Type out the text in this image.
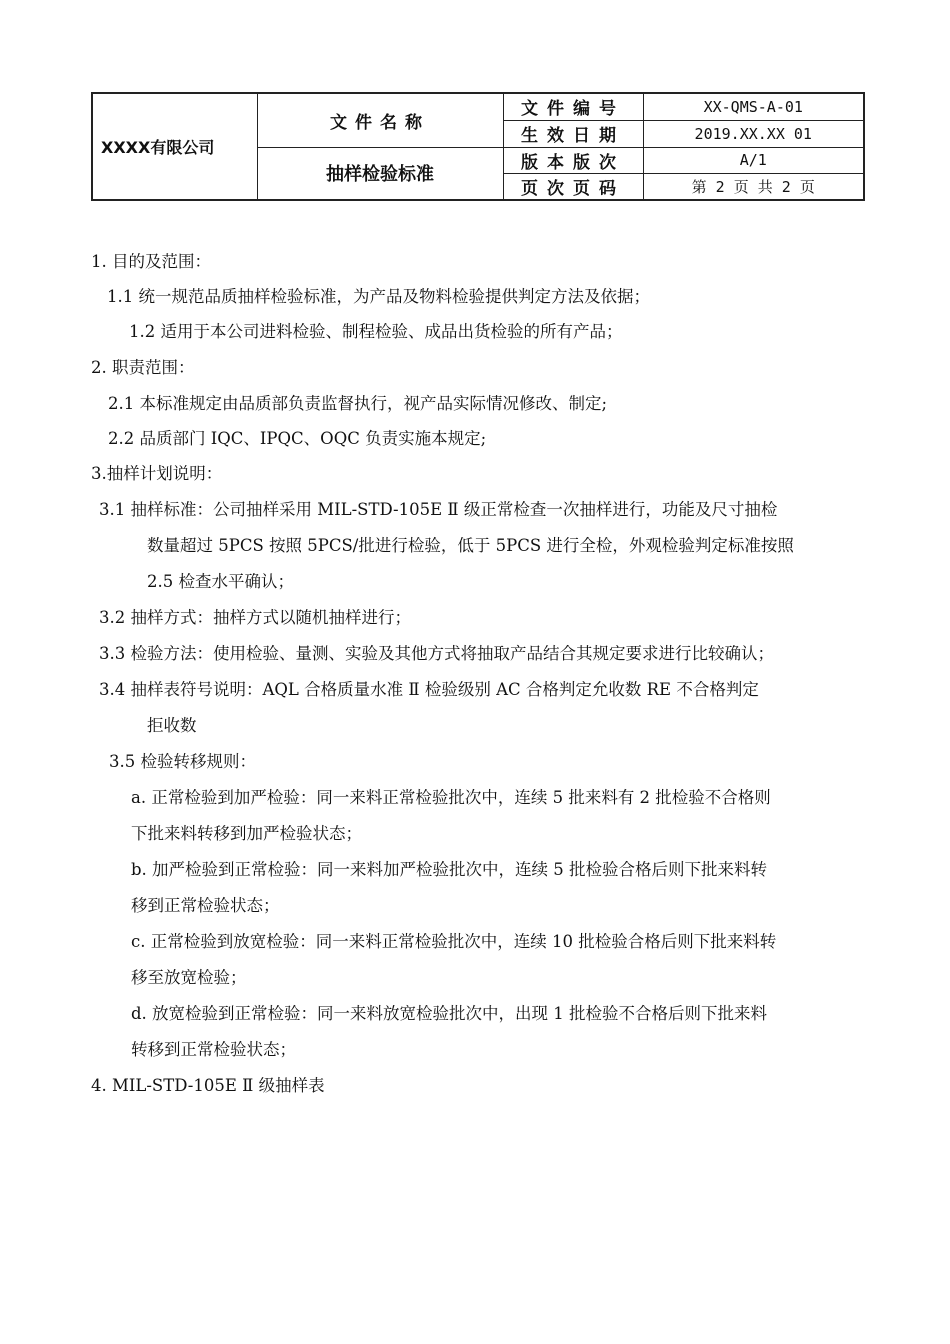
XXXX有限公司	文件名称	文件编号	XX-QMS-A-01
		生效日期	2019.XX.XX 01
	抽样检验标准	版本版次	A/1
		页次页码	第 2 页 共 2 页
1. 目的及范围：
1.1 统一规范品质抽样检验标准，为产品及物料检验提供判定方法及依据；
1.2 适用于本公司进料检验、制程检验、成品出货检验的所有产品；
2. 职责范围：
2.1 本标准规定由品质部负责监督执行，视产品实际情况修改、制定;
2.2 品质部门 IQC、IPQC、OQC 负责实施本规定;
3.抽样计划说明：
3.1 抽样标准：公司抽样采用 MIL-STD-105E Ⅱ 级正常检查一次抽样进行，功能及尺寸抽检
数量超过 5PCS 按照 5PCS/批进行检验，低于 5PCS 进行全检，外观检验判定标准按照
2.5 检查水平确认；
3.2 抽样方式：抽样方式以随机抽样进行；
3.3 检验方法：使用检验、量测、实验及其他方式将抽取产品结合其规定要求进行比较确认；
3.4 抽样表符号说明：AQL 合格质量水准 Ⅱ 检验级别 AC 合格判定允收数 RE 不合格判定
拒收数
3.5 检验转移规则：
a. 正常检验到加严检验：同一来料正常检验批次中，连续 5 批来料有 2 批检验不合格则
下批来料转移到加严检验状态；
b. 加严检验到正常检验：同一来料加严检验批次中，连续 5 批检验合格后则下批来料转
移到正常检验状态；
c. 正常检验到放宽检验：同一来料正常检验批次中，连续 10 批检验合格后则下批来料转
移至放宽检验；
d. 放宽检验到正常检验：同一来料放宽检验批次中，出现 1 批检验不合格后则下批来料
转移到正常检验状态；
4. MIL-STD-105E Ⅱ 级抽样表
